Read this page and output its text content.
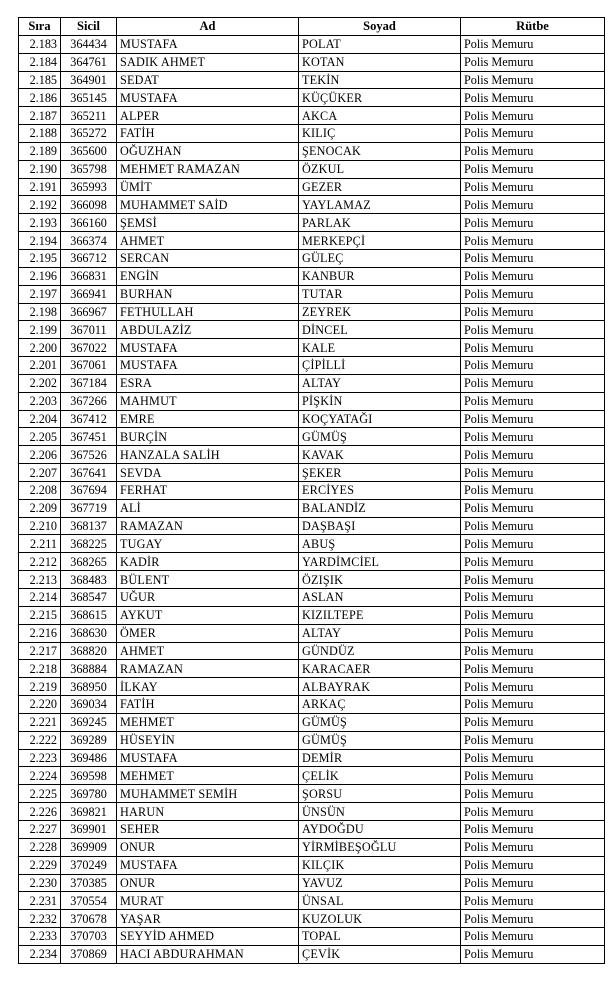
Sıra	Sicil	Ad	Soyad	Rütbe
2.183	364434	MUSTAFA	POLAT	Polis Memuru
2.184	364761	SADIK AHMET	KOTAN	Polis Memuru
2.185	364901	SEDAT	TEKİN	Polis Memuru
2.186	365145	MUSTAFA	KÜÇÜKER	Polis Memuru
2.187	365211	ALPER	AKCA	Polis Memuru
2.188	365272	FATİH	KILIÇ	Polis Memuru
2.189	365600	OĞUZHAN	ŞENOCAK	Polis Memuru
2.190	365798	MEHMET RAMAZAN	ÖZKUL	Polis Memuru
2.191	365993	ÜMİT	GEZER	Polis Memuru
2.192	366098	MUHAMMET SAİD	YAYLAMAZ	Polis Memuru
2.193	366160	ŞEMSİ	PARLAK	Polis Memuru
2.194	366374	AHMET	MERKEPÇİ	Polis Memuru
2.195	366712	SERCAN	GÜLEÇ	Polis Memuru
2.196	366831	ENGİN	KANBUR	Polis Memuru
2.197	366941	BURHAN	TUTAR	Polis Memuru
2.198	366967	FETHULLAH	ZEYREK	Polis Memuru
2.199	367011	ABDULAZİZ	DİNCEL	Polis Memuru
2.200	367022	MUSTAFA	KALE	Polis Memuru
2.201	367061	MUSTAFA	ÇİPİLLİ	Polis Memuru
2.202	367184	ESRA	ALTAY	Polis Memuru
2.203	367266	MAHMUT	PİŞKİN	Polis Memuru
2.204	367412	EMRE	KOÇYATAĞI	Polis Memuru
2.205	367451	BURÇİN	GÜMÜŞ	Polis Memuru
2.206	367526	HANZALA SALİH	KAVAK	Polis Memuru
2.207	367641	SEVDA	ŞEKER	Polis Memuru
2.208	367694	FERHAT	ERCİYES	Polis Memuru
2.209	367719	ALİ	BALANDİZ	Polis Memuru
2.210	368137	RAMAZAN	DAŞBAŞI	Polis Memuru
2.211	368225	TUGAY	ABUŞ	Polis Memuru
2.212	368265	KADİR	YARDİMCİEL	Polis Memuru
2.213	368483	BÜLENT	ÖZIŞIK	Polis Memuru
2.214	368547	UĞUR	ASLAN	Polis Memuru
2.215	368615	AYKUT	KIZILTEPE	Polis Memuru
2.216	368630	ÖMER	ALTAY	Polis Memuru
2.217	368820	AHMET	GÜNDÜZ	Polis Memuru
2.218	368884	RAMAZAN	KARACAER	Polis Memuru
2.219	368950	İLKAY	ALBAYRAK	Polis Memuru
2.220	369034	FATİH	ARKAÇ	Polis Memuru
2.221	369245	MEHMET	GÜMÜŞ	Polis Memuru
2.222	369289	HÜSEYİN	GÜMÜŞ	Polis Memuru
2.223	369486	MUSTAFA	DEMİR	Polis Memuru
2.224	369598	MEHMET	ÇELİK	Polis Memuru
2.225	369780	MUHAMMET SEMİH	ŞORSU	Polis Memuru
2.226	369821	HARUN	ÜNSÜN	Polis Memuru
2.227	369901	SEHER	AYDOĞDU	Polis Memuru
2.228	369909	ONUR	YİRMİBEŞOĞLU	Polis Memuru
2.229	370249	MUSTAFA	KILÇIK	Polis Memuru
2.230	370385	ONUR	YAVUZ	Polis Memuru
2.231	370554	MURAT	ÜNSAL	Polis Memuru
2.232	370678	YAŞAR	KUZOLUK	Polis Memuru
2.233	370703	SEYYİD AHMED	TOPAL	Polis Memuru
2.234	370869	HACI ABDURAHMAN	ÇEVİK	Polis Memuru
